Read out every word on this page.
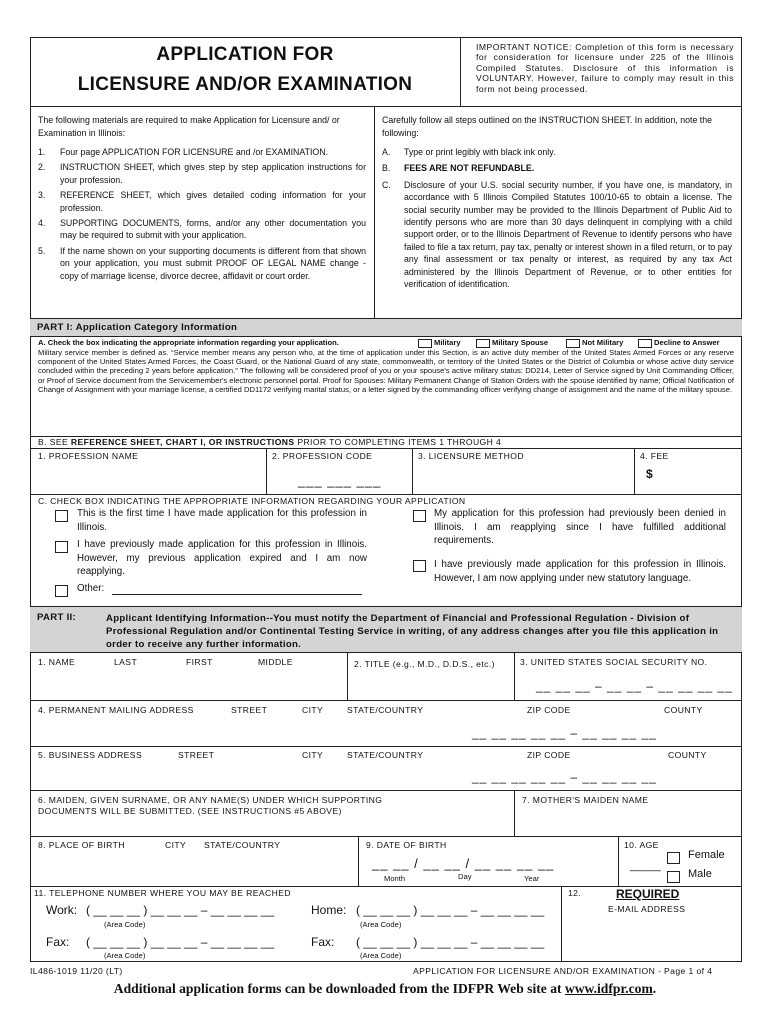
APPLICATION FOR
LICENSURE AND/OR EXAMINATION
IMPORTANT NOTICE: Completion of this form is necessary for consideration for licensure under 225 of the Illinois Compiled Statutes. Disclosure of this information is VOLUNTARY. However, failure to comply may result in this form not being processed.
The following materials are required to make Application for Licensure and/ or Examination in Illinois:
1.	Four page APPLICATION FOR LICENSURE and /or EXAMINATION.
2.	INSTRUCTION SHEET, which gives step by step application instructions for your profession.
3.	REFERENCE SHEET, which gives detailed coding information for your profession.
4.	SUPPORTING DOCUMENTS, forms, and/or any other documentation you may be required to submit with your application.
5.	If the name shown on your supporting documents is different from that shown on your application, you must submit PROOF OF LEGAL NAME change - copy of marriage license, divorce decree, affidavit or court order.
Carefully follow all steps outlined on the INSTRUCTION SHEET. In addition, note the following:
A.	Type or print legibly with black ink only.
B.	FEES ARE NOT REFUNDABLE.
C.	Disclosure of your U.S. social security number, if you have one, is mandatory, in accordance with 5 Illinois Compiled Statutes 100/10-65 to obtain a license. The social security number may be provided to the Illinois Department of Public Aid to identify persons who are more than 30 days delinquent in complying with a child support order, or to the Illinois Department of Revenue to identify persons who have failed to file a tax return, pay tax, penalty or interest shown in a filed return, or to pay any final assessment or tax penalty or interest, as required by any tax Act administered by the Illinois Department of Revenue, or to other entities for verification of identification.
PART I: Application Category Information
A. Check the box indicating the appropriate information regarding your application.	Military	Military Spouse	Not Military	Decline to Answer
Military service member is defined as. “Service member means any person who, at the time of application under this Section, is an active duty member of the United States Armed Forces or any reserve component of the United States Armed Forces, the Coast Guard, or the National Guard of any state, commonwealth, or territory of the United States or the District of Columbia or whose active duty service concluded within the preceding 2 years before application.” The following will be considered proof of you or your spouse's active military status: DD214, Letter of Service signed by Unit Commanding Officer, or Proof of Service document from the Servicemember's electronic personnel portal. Proof for Spouses: Military Permanent Change of Station Orders with the spouse identified by name; Official Notification of Change of Assignment with your marriage license, a certified DD1172 verifying marital status, or a letter signed by the commanding officer verifying change of assignment and the name of the military spouse.
B. SEE REFERENCE SHEET, CHART I, OR INSTRUCTIONS PRIOR TO COMPLETING ITEMS 1 THROUGH 4
1. PROFESSION NAME	2. PROFESSION CODE
___ ___ ___
3. LICENSURE METHOD	4. FEE
$
C. CHECK BOX INDICATING THE APPROPRIATE INFORMATION REGARDING YOUR APPLICATION
This is the first time I have made application for this profession in Illinois.
I have previously made application for this profession in Illinois. However, my previous application expired and I am now reapplying.
Other:
My application for this profession had previously been denied in Illinois. I am reapplying since I have fulfilled additional requirements.
I have previously made application for this profession in Illinois. However, I am now applying under new statutory language.
PART II:	Applicant Identifying Information--You must notify the Department of Financial and Professional Regulation - Division of Professional Regulation and/or Continental Testing Service in writing, of any address changes after you file this application in order to receive any further information.
1. NAME	LAST	FIRST	MIDDLE	2. TITLE (e.g., M.D., D.D.S., etc.)	3. UNITED STATES SOCIAL SECURITY NO.
__ __ __ – __ __ – __ __ __ __
4. PERMANENT MAILING ADDRESS	STREET	CITY	STATE/COUNTRY	ZIP CODE	COUNTY
__ __ __ __ __ – __ __ __ __
5. BUSINESS ADDRESS	STREET	CITY	STATE/COUNTRY	ZIP CODE	COUNTY
__ __ __ __ __ – __ __ __ __
6. MAIDEN, GIVEN SURNAME, OR ANY NAME(S) UNDER WHICH SUPPORTING DOCUMENTS WILL BE SUBMITTED. (SEE INSTRUCTIONS #5 ABOVE)
7. MOTHER'S MAIDEN NAME
8. PLACE OF BIRTH	CITY STATE/COUNTRY	9. DATE OF BIRTH
__ __ / __ __ / __ __ __ __
Month	Day	Year
10. AGE
_____
Female
Male
11. TELEPHONE NUMBER WHERE YOU MAY BE REACHED
Work: ( __ __ __ ) __ __ __ – __ __ __ __
(Area Code)
Home: ( __ __ __ ) __ __ __ – __ __ __ __
(Area Code)
Fax: ( __ __ __ ) __ __ __ – __ __ __ __
(Area Code)
Fax: ( __ __ __ ) __ __ __ – __ __ __ __
(Area Code)
12.	REQUIRED
E-MAIL ADDRESS
IL486-1019 11/20 (LT)	APPLICATION FOR LICENSURE AND/OR EXAMINATION - Page 1 of 4
Additional application forms can be downloaded from the IDFPR Web site at www.idfpr.com.
